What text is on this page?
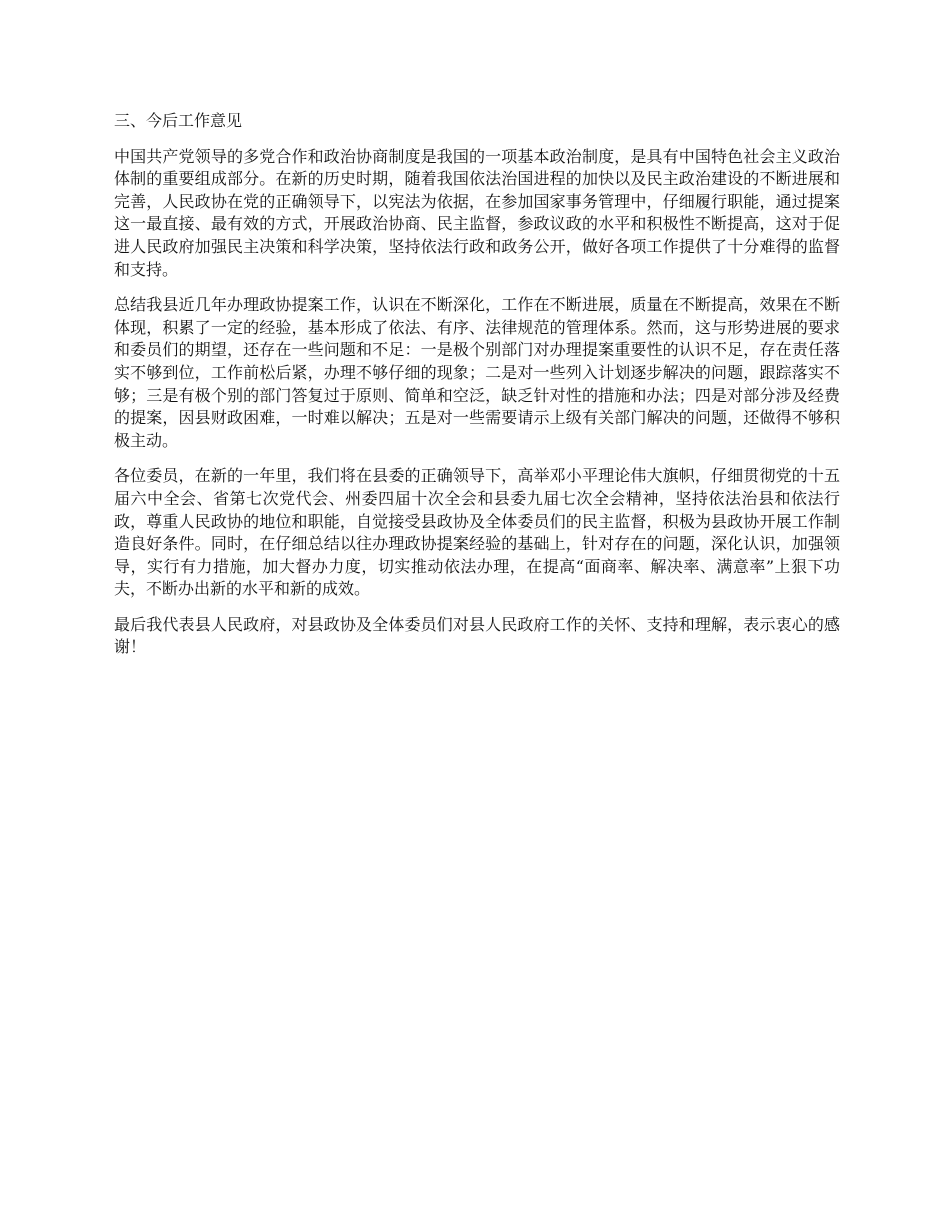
三、今后工作意见

中国共产党领导的多党合作和政治协商制度是我国的一项基本政治制度，是具有中国特色社会主义政治体制的重要组成部分。在新的历史时期，随着我国依法治国进程的加快以及民主政治建设的不断进展和完善，人民政协在党的正确领导下，以宪法为依据，在参加国家事务管理中，仔细履行职能，通过提案这一最直接、最有效的方式，开展政治协商、民主监督，参政议政的水平和积极性不断提高，这对于促进人民政府加强民主决策和科学决策，坚持依法行政和政务公开，做好各项工作提供了十分难得的监督和支持。

总结我县近几年办理政协提案工作，认识在不断深化，工作在不断进展，质量在不断提高，效果在不断体现，积累了一定的经验，基本形成了依法、有序、法律规范的管理体系。然而，这与形势进展的要求和委员们的期望，还存在一些问题和不足：一是极个别部门对办理提案重要性的认识不足，存在责任落实不够到位，工作前松后紧，办理不够仔细的现象；二是对一些列入计划逐步解决的问题，跟踪落实不够；三是有极个别的部门答复过于原则、简单和空泛，缺乏针对性的措施和办法；四是对部分涉及经费的提案，因县财政困难，一时难以解决；五是对一些需要请示上级有关部门解决的问题，还做得不够积极主动。

各位委员，在新的一年里，我们将在县委的正确领导下，高举邓小平理论伟大旗帜，仔细贯彻党的十五届六中全会、省第七次党代会、州委四届十次全会和县委九届七次全会精神，坚持依法治县和依法行政，尊重人民政协的地位和职能，自觉接受县政协及全体委员们的民主监督，积极为县政协开展工作制造良好条件。同时，在仔细总结以往办理政协提案经验的基础上，针对存在的问题，深化认识，加强领导，实行有力措施，加大督办力度，切实推动依法办理，在提高“面商率、解决率、满意率”上狠下功夫，不断办出新的水平和新的成效。

最后我代表县人民政府，对县政协及全体委员们对县人民政府工作的关怀、支持和理解，表示衷心的感谢！
